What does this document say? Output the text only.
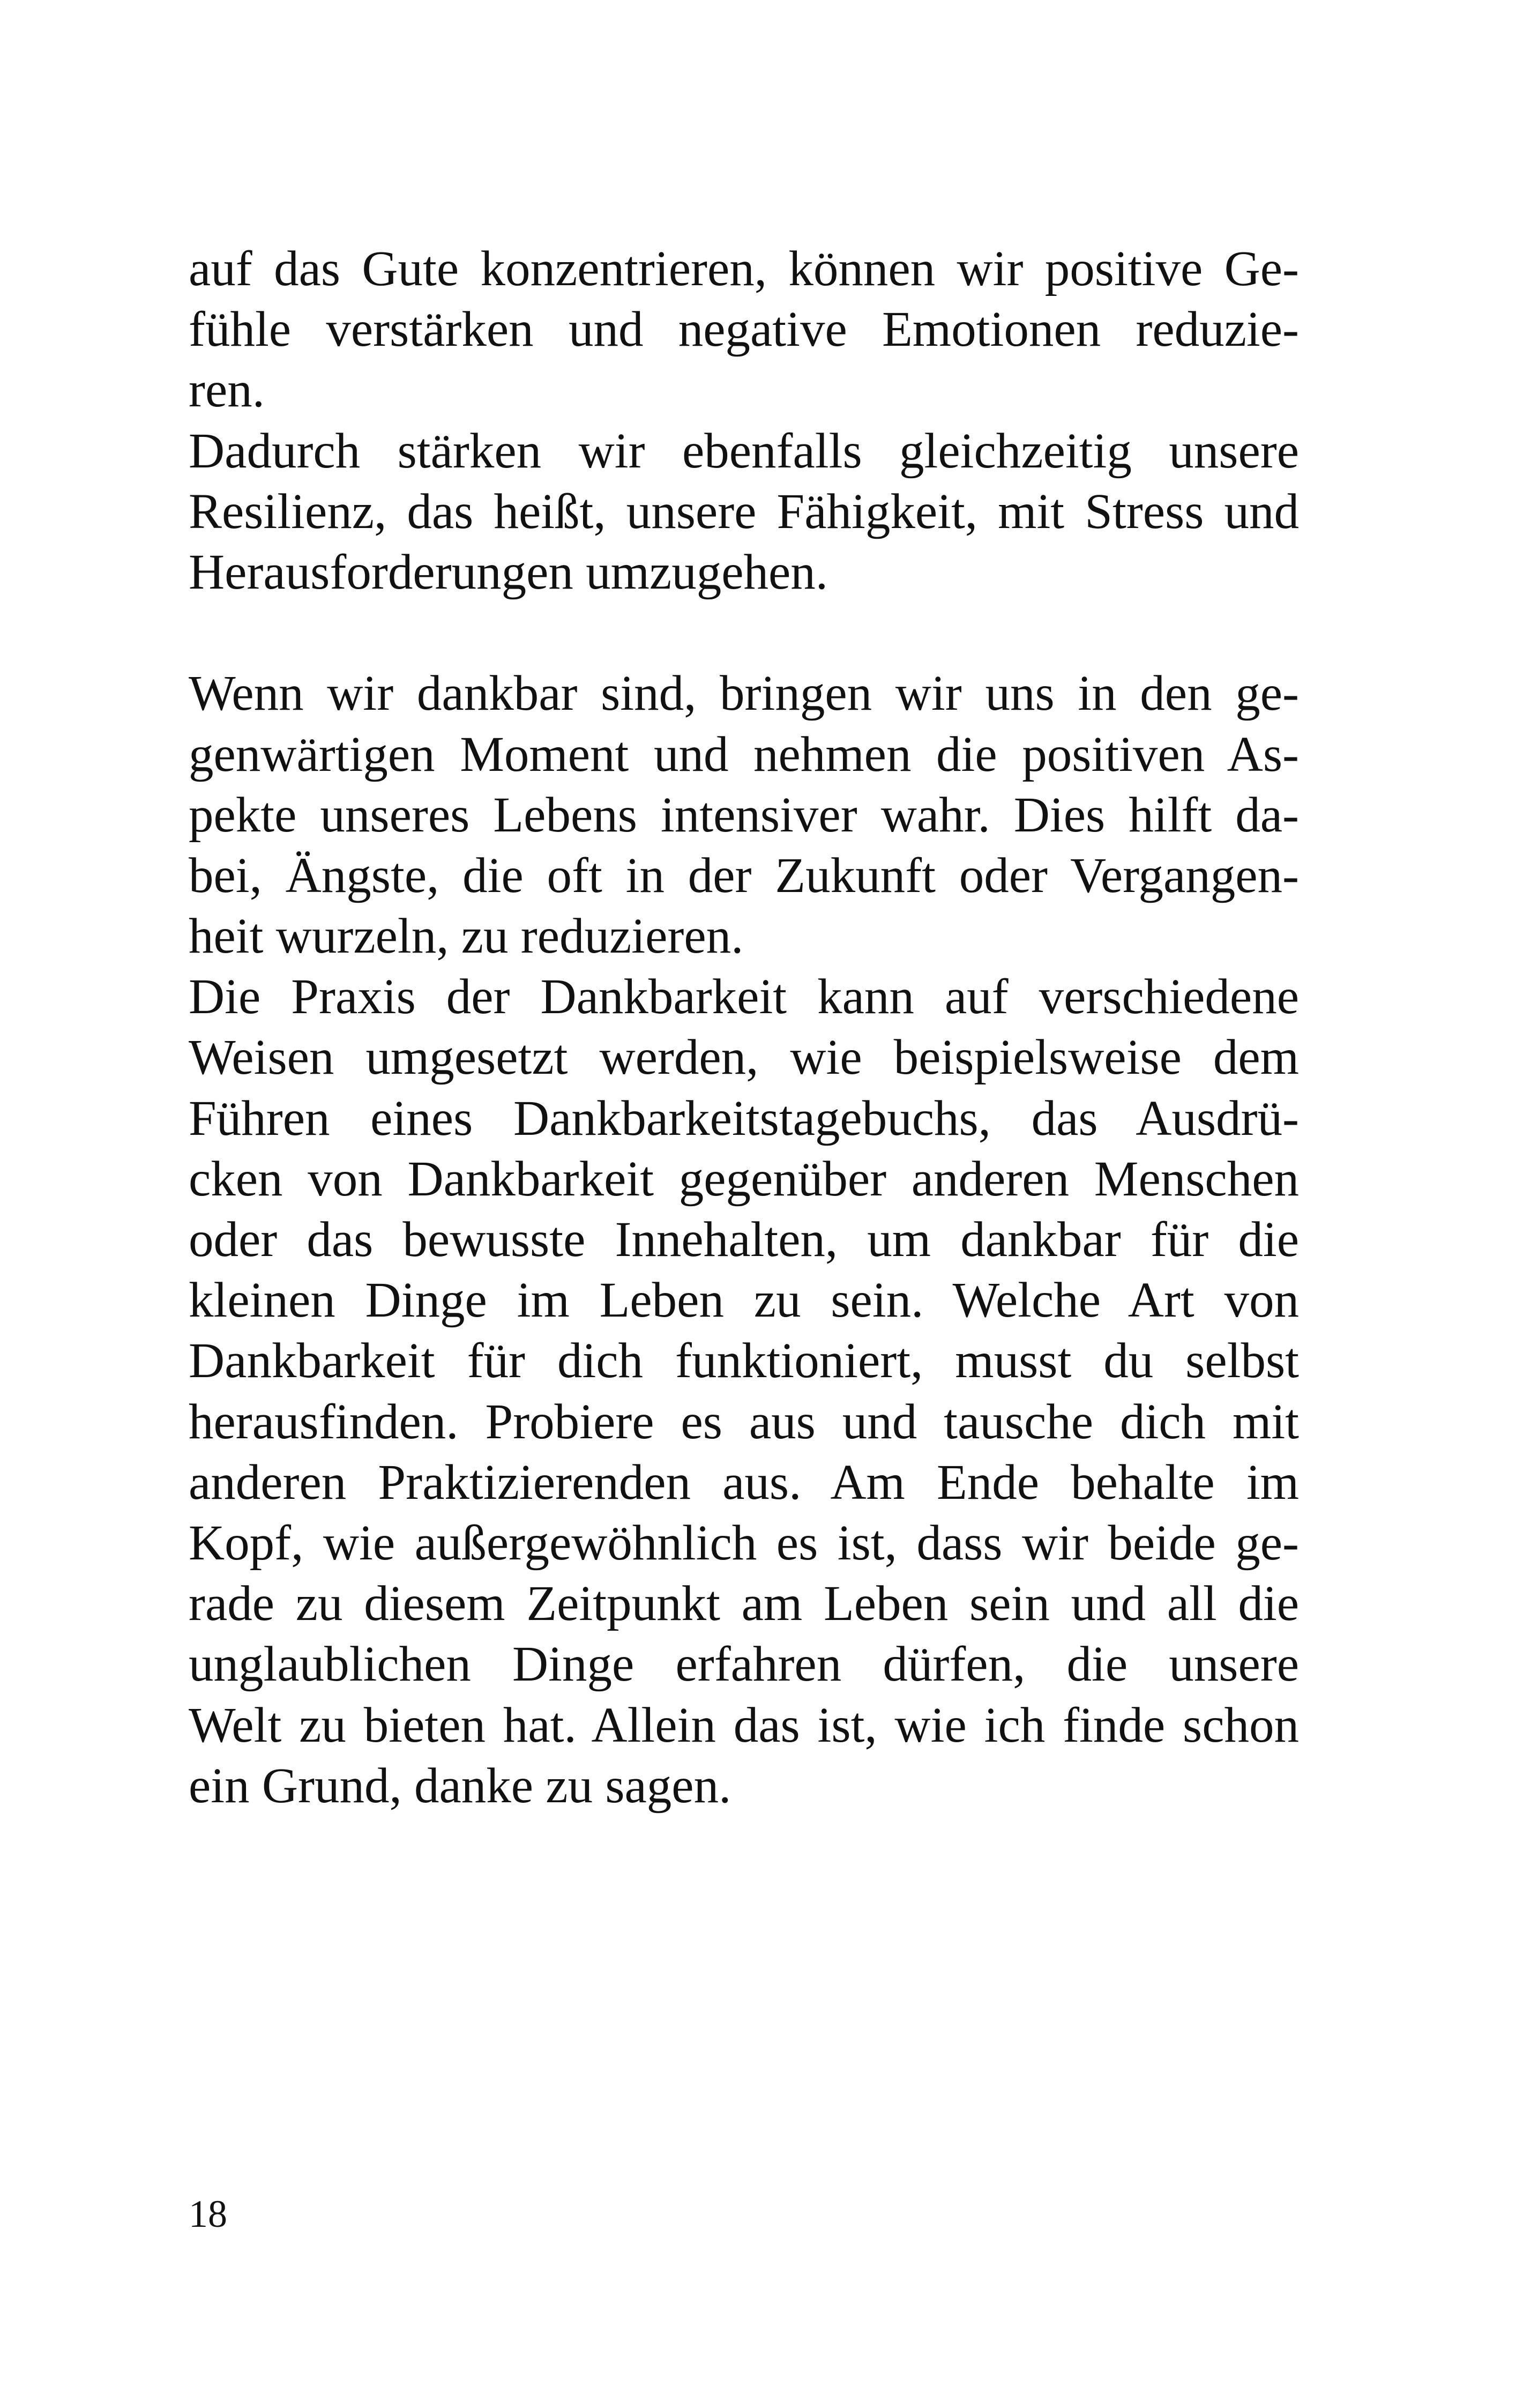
auf das Gute konzentrieren, können wir positive Ge-
fühle verstärken und negative Emotionen reduzie-
ren.
Dadurch stärken wir ebenfalls gleichzeitig unsere
Resilienz, das heißt, unsere Fähigkeit, mit Stress und
Herausforderungen umzugehen.
Wenn wir dankbar sind, bringen wir uns in den ge-
genwärtigen Moment und nehmen die positiven As-
pekte unseres Lebens intensiver wahr. Dies hilft da-
bei, Ängste, die oft in der Zukunft oder Vergangen-
heit wurzeln, zu reduzieren.
Die Praxis der Dankbarkeit kann auf verschiedene
Weisen umgesetzt werden, wie beispielsweise dem
Führen eines Dankbarkeitstagebuchs, das Ausdrü-
cken von Dankbarkeit gegenüber anderen Menschen
oder das bewusste Innehalten, um dankbar für die
kleinen Dinge im Leben zu sein. Welche Art von
Dankbarkeit für dich funktioniert, musst du selbst
herausfinden. Probiere es aus und tausche dich mit
anderen Praktizierenden aus. Am Ende behalte im
Kopf, wie außergewöhnlich es ist, dass wir beide ge-
rade zu diesem Zeitpunkt am Leben sein und all die
unglaublichen Dinge erfahren dürfen, die unsere
Welt zu bieten hat. Allein das ist, wie ich finde schon
ein Grund, danke zu sagen.
18
